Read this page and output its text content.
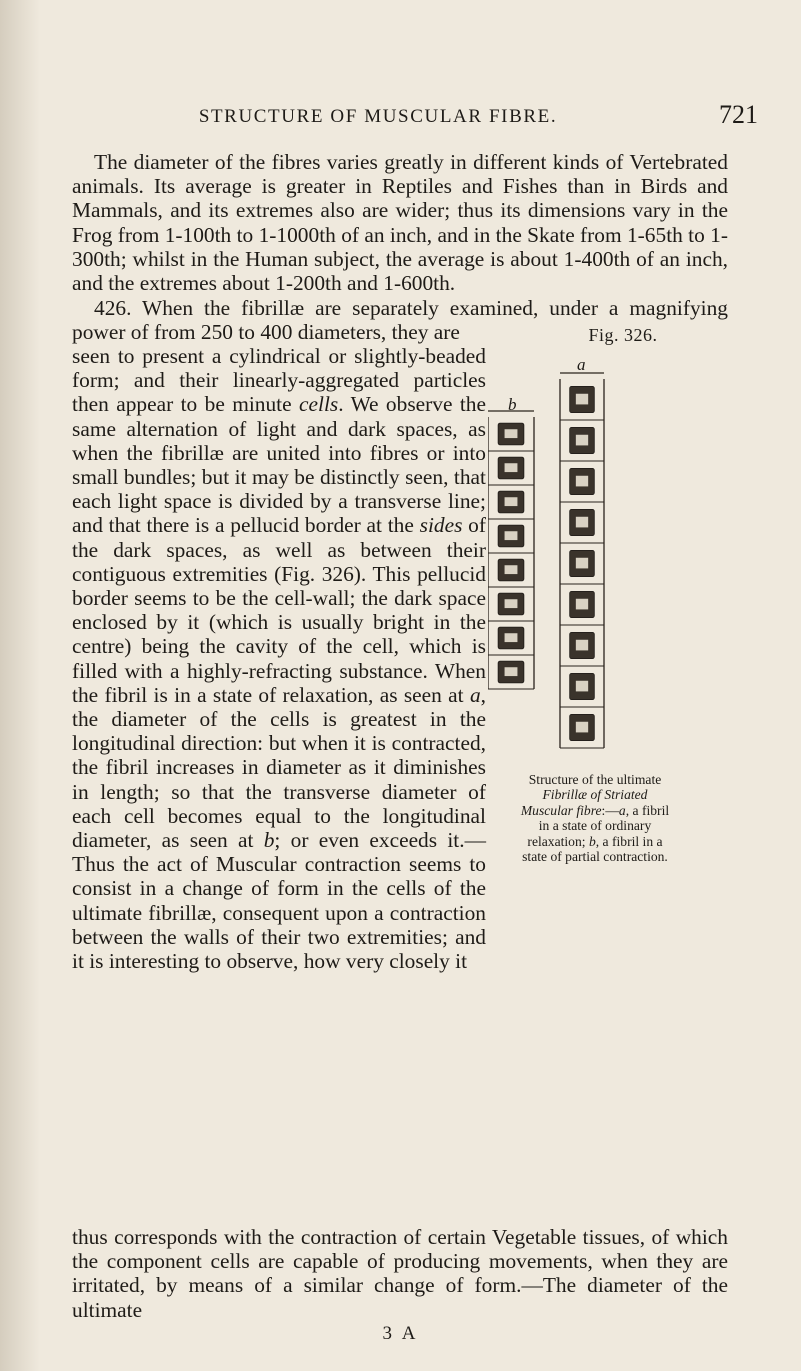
STRUCTURE OF MUSCULAR FIBRE.	721

The diameter of the fibres varies greatly in different kinds of Vertebrated animals. Its average is greater in Reptiles and Fishes than in Birds and Mammals, and its extremes also are wider; thus its dimensions vary in the Frog from 1-100th to 1-1000th of an inch, and in the Skate from 1-65th to 1-300th; whilst in the Human subject, the average is about 1-400th of an inch, and the extremes about 1-200th and 1-600th.

426. When the fibrillæ are separately examined, under a magnifying power of from 250 to 400 diameters, they are

seen to present a cylindrical or slightly-beaded form; and their linearly-aggregated particles then appear to be minute cells. We observe the same alternation of light and dark spaces, as when the fibrillæ are united into fibres or into small bundles; but it may be distinctly seen, that each light space is divided by a transverse line; and that there is a pellucid border at the sides of the dark spaces, as well as between their contiguous extremities (Fig. 326). This pellucid border seems to be the cell-wall; the dark space enclosed by it (which is usually bright in the centre) being the cavity of the cell, which is filled with a highly-refracting substance. When the fibril is in a state of relaxation, as seen at a, the diameter of the cells is greatest in the longitudinal direction: but when it is contracted, the fibril increases in diameter as it diminishes in length; so that the transverse diameter of each cell becomes equal to the longitudinal diameter, as seen at b; or even exceeds it.— Thus the act of Muscular contraction seems to consist in a change of form in the cells of the ultimate fibrillæ, consequent upon a contraction between the walls of their two extremities; and it is interesting to observe, how very closely it

thus corresponds with the contraction of certain Vegetable tissues, of which the component cells are capable of producing movements, when they are irritated, by means of a similar change of form.—The diameter of the ultimate

Fig. 326.
a
b
Structure of the ultimate Fibrillæ of Striated Muscular fibre:—a, a fibril in a state of ordinary relaxation; b, a fibril in a state of partial contraction.
3 A
